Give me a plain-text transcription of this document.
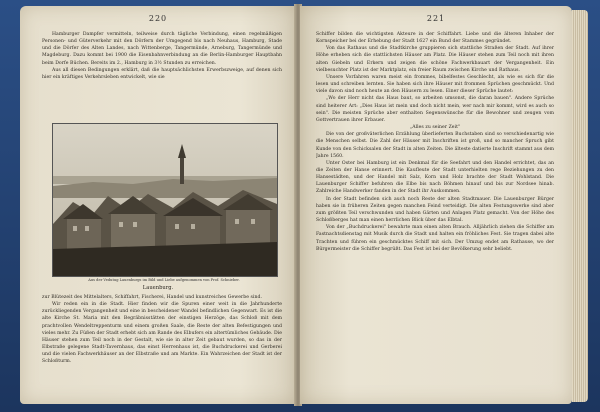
220

Hamburger Dampfer vermitteln, teilweise durch tägliche Verbindung, einen regelmäßigen Personen- und Güterverkehr mit den Dörfern der Umgegend bis nach Neuhaus, Hamburg, Stade und die Dörfer des Alten Landes, nach Wittenberge, Tangermünde, Arneburg, Tangermünde und Magdeburg. Dazu kommt bei 1900 die Eisenbahnverbindung an die Berlin-Hamburger Hauptbahn beim Dorfe Büchen. Bereits im 2., Hamburg in 3½ Stunden zu erreichen.

Aus all diesen Bedingungen erklärt, daß die hauptsächlichsten Erwerbszweige, auf denen sich hier ein kräftiges Verkehrsleben entwickelt, wie sie

Aus der Vedutug Lauenburgs im Bild und Liebe aufgenommen von Prof. Schnieber.
Lauenburg.

zur Blütezeit des Mittelalters, Schiffahrt, Fischerei, Handel und kunstreiches Gewerbe sind.

Wir reden ein in die Stadt. Hier finden wir die Spuren einer weit in die Jahrhunderte zurückliegenden Vergangenheit und eine in bescheidener Wandel befindlichen Gegenwart. Es ist die alte Kirche St. Maria mit den Begräbnisstätten der einstigen Herzöge, das Schloß mit dem prachtvollen Wendeltreppenturm und einem großen Saale, die Reste der alten Befestigungen und vieles mehr. Zu Füßen der Stadt erhebt sich am Rande des Elbufers ein altertümliches Gebäude. Die Häuser stehen zum Teil noch in der Gestalt, wie sie in alter Zeit gebaut wurden, so das in der Elbstraße gelegene Stadt-Tavernhaus, das einst Herrenhaus ist, die Buchdruckerei und Gerberei und die vielen Fachwerkhäuser an der Elbstraße und am Markte. Ein Wahrzeichen der Stadt ist der Schloßturm.

221

Schiffer bilden die wichtigsten Akteure in der Schiffahrt. Liebe und die älteren Inhaber der Kornspeicher bei der Erhebung der Stadt 1627 ein Bund der Stammes gegründet.

Von das Rathaus und die Stadtkirche gruppieren sich stattliche Straßen der Stadt. Auf ihrer Höhe erheben sich die stattlichsten Häuser am Platz. Die Häuser stehen zum Teil noch mit ihren alten Giebeln und Erkern und zeigen die schöne Fachwerkbauart der Vergangenheit. Ein vielbesuchter Platz ist der Marktplatz, ein freier Raum zwischen Kirche und Rathaus.

Unsere Vorfahren waren meist ein frommes, bibelfestes Geschlecht, als wie es sich für die lesen und schreiben lernten. Sie haben sich ihre Häuser mit frommen Sprüchen geschmückt. Und viele davon sind noch heute an den Häusern zu lesen. Einer dieser Sprüche lautet:

„Wo der Herr nicht das Haus baut, so arbeiten umsonst, die daran bauen". Andere Sprüche sind heiterer Art: „Dies Haus ist mein und doch nicht mein, wer nach mir kommt, wird es auch so sein". Die meisten Sprüche aber enthalten Segenswünsche für die Bewohner und zeugen vom Gottvertrauen ihrer Erbauer.

„Alles zu seiner Zeit"

Die von der großväterlichen Erzählung überlieferten Buchstaben sind so verschiedenartig wie die Menschen selbst. Die Zahl der Häuser mit Inschriften ist groß, und so mancher Spruch gibt Kunde von den Schicksalen der Stadt in alten Zeiten. Die älteste datierte Inschrift stammt aus dem Jahre 1560.

Unter Oster bei Hamburg ist ein Denkmal für die Seefahrt und den Handel errichtet, das an die Zeiten der Hanse erinnert. Die Kaufleute der Stadt unterhielten rege Beziehungen zu den Hansestädten, und der Handel mit Salz, Korn und Holz brachte der Stadt Wohlstand. Die Lauenburger Schiffer befuhren die Elbe bis nach Böhmen hinauf und bis zur Nordsee hinab. Zahlreiche Handwerker fanden in der Stadt ihr Auskommen.

In der Stadt befinden sich auch noch Reste der alten Stadtmauer. Die Lauenburger Bürger haben sie in früheren Zeiten gegen manchen Feind verteidigt. Die alten Festungswerke sind aber zum größten Teil verschwunden und haben Gärten und Anlagen Platz gemacht. Von der Höhe des Schloßberges hat man einen herrlichen Blick über das Elbtal.

Von der „Buchdruckerei" bewahrte man einen alten Brauch. Alljährlich ziehen die Schiffer am Fastnachtsdienstag mit Musik durch die Stadt und halten ein fröhliches Fest. Sie tragen dabei alte Trachten und führen ein geschmücktes Schiff mit sich. Der Umzug endet am Rathause, wo der Bürgermeister die Schiffer begrüßt. Das Fest ist bei der Bevölkerung sehr beliebt.
